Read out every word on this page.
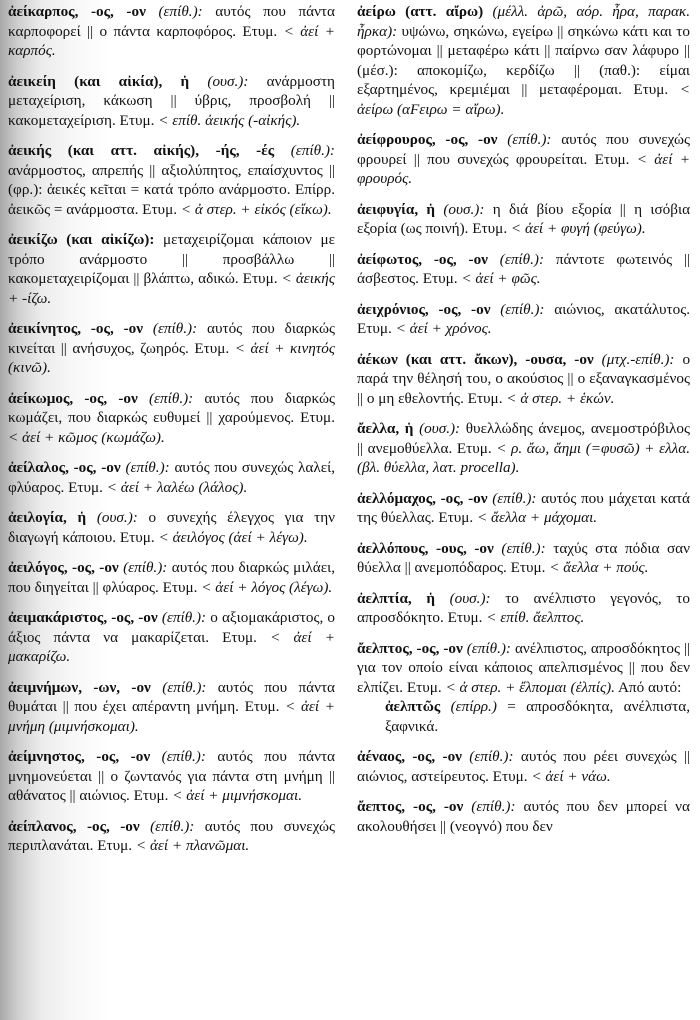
ἀείκαρπος, -ος, -ον (επίθ.): αυτός που πάντα καρποφορεί || ο πάντα καρποφόρος. Ετυμ. < ἀεί + καρπός.
ἀεικείη (και αἰκία), ἡ (ουσ.): ανάρμοστη μεταχείριση, κάκωση || ύβρις, προσβολή || κακομεταχείριση. Ετυμ. < επίθ. ἀεικής (-αἰκής).
ἀεικής (και αττ. αἰκής), -ής, -ές (επίθ.): ανάρμοστος, απρεπής || αξιολύπητος, επαίσχυντος || (φρ.): ἀεικές κεῖται = κατά τρόπο ανάρμοστο. Επίρρ. ἀεικῶς = ανάρμοστα. Ετυμ. < ἀ στερ. + εἰκός (εἴκω).
ἀεικίζω (και αἰκίζω): μεταχειρίζομαι κάποιον με τρόπο ανάρμοστο || προσβάλλω || κακομεταχειρίζομαι || βλάπτω, αδικώ. Ετυμ. < ἀεικής + -ίζω.
ἀεικίνητος, -ος, -ον (επίθ.): αυτός που διαρκώς κινείται || ανήσυχος, ζωηρός. Ετυμ. < ἀεί + κινητός (κινῶ).
ἀείκωμος, -ος, -ον (επίθ.): αυτός που διαρκώς κωμάζει, που διαρκώς ευθυμεί || χαρούμενος. Ετυμ. < ἀεί + κῶμος (κωμάζω).
ἀείλαλος, -ος, -ον (επίθ.): αυτός που συνεχώς λαλεί, φλύαρος. Ετυμ. < ἀεί + λαλέω (λάλος).
ἀειλογία, ἡ (ουσ.): ο συνεχής έλεγχος για την διαγωγή κάποιου. Ετυμ. < ἀειλόγος (ἀεί + λέγω).
ἀειλόγος, -ος, -ον (επίθ.): αυτός που διαρκώς μιλάει, που διηγείται || φλύαρος. Ετυμ. < ἀεί + λόγος (λέγω).
ἀειμακάριστος, -ος, -ον (επίθ.): ο αξιομακάριστος, ο άξιος πάντα να μακαρίζεται. Ετυμ. < ἀεί + μακαρίζω.
ἀειμνήμων, -ων, -ον (επίθ.): αυτός που πάντα θυμάται || που έχει απέραντη μνήμη. Ετυμ. < ἀεί + μνήμη (μιμνήσκομαι).
ἀείμνηστος, -ος, -ον (επίθ.): αυτός που πάντα μνημονεύεται || ο ζωντανός για πάντα στη μνήμη || αθάνατος || αιώνιος. Ετυμ. < ἀεί + μιμνήσκομαι.
ἀείπλανος, -ος, -ον (επίθ.): αυτός που συνεχώς περιπλανάται. Ετυμ. < ἀεί + πλανῶμαι.
ἀείρω (αττ. αἴρω) (μέλλ. ἀρῶ, αόρ. ἦρα, παρακ. ἦρκα): υψώνω, σηκώνω, εγείρω || σηκώνω κάτι και το φορτώνομαι || μεταφέρω κάτι || παίρνω σαν λάφυρο || (μέσ.): αποκομίζω, κερδίζω || (παθ.): είμαι εξαρτημένος, κρεμιέμαι || μεταφέρομαι. Ετυμ. < ἀείρω (αϜειρω = αἴρω).
ἀείφρουρος, -ος, -ον (επίθ.): αυτός που συνεχώς φρουρεί || που συνεχώς φρουρείται. Ετυμ. < ἀεί + φρουρός.
ἀειφυγία, ἡ (ουσ.): η διά βίου εξορία || η ισόβια εξορία (ως ποινή). Ετυμ. < ἀεί + φυγή (φεύγω).
ἀείφωτος, -ος, -ον (επίθ.): πάντοτε φωτεινός || άσβεστος. Ετυμ. < ἀεί + φῶς.
ἀειχρόνιος, -ος, -ον (επίθ.): αιώνιος, ακατάλυτος. Ετυμ. < ἀεί + χρόνος.
ἀέκων (και αττ. ἄκων), -ουσα, -ον (μτχ.-επίθ.): ο παρά την θέλησή του, ο ακούσιος || ο εξαναγκασμένος || ο μη εθελοντής. Ετυμ. < ἀ στερ. + ἑκών.
ἄελλα, ἡ (ουσ.): θυελλώδης άνεμος, ανεμοστρόβιλος || ανεμοθύελλα. Ετυμ. < ρ. ἄω, ἄημι (=φυσῶ) + ελλα. (βλ. θύελλα, λατ. procella).
ἀελλόμαχος, -ος, -ον (επίθ.): αυτός που μάχεται κατά της θύελλας. Ετυμ. < ἄελλα + μάχομαι.
ἀελλόπους, -ους, -ον (επίθ.): ταχύς στα πόδια σαν θύελλα || ανεμοπόδαρος. Ετυμ. < ἄελλα + πούς.
ἀελπτία, ἡ (ουσ.): το ανέλπιστο γεγονός, το απροσδόκητο. Ετυμ. < επίθ. ἄελπτος.
ἄελπτος, -ος, -ον (επίθ.): ανέλπιστος, απροσδόκητος || για τον οποίο είναι κάποιος απελπισμένος || που δεν ελπίζει. Ετυμ. < ἀ στερ. + ἔλπομαι (ἐλπίς). Από αυτό:
ἀελπτῶς (επίρρ.) = απροσδόκητα, ανέλπιστα, ξαφνικά.
ἀέναος, -ος, -ον (επίθ.): αυτός που ρέει συνεχώς || αιώνιος, αστείρευτος. Ετυμ. < ἀεί + νάω.
ἄεπτος, -ος, -ον (επίθ.): αυτός που δεν μπορεί να ακολουθήσει || (νεογνό) που δεν
